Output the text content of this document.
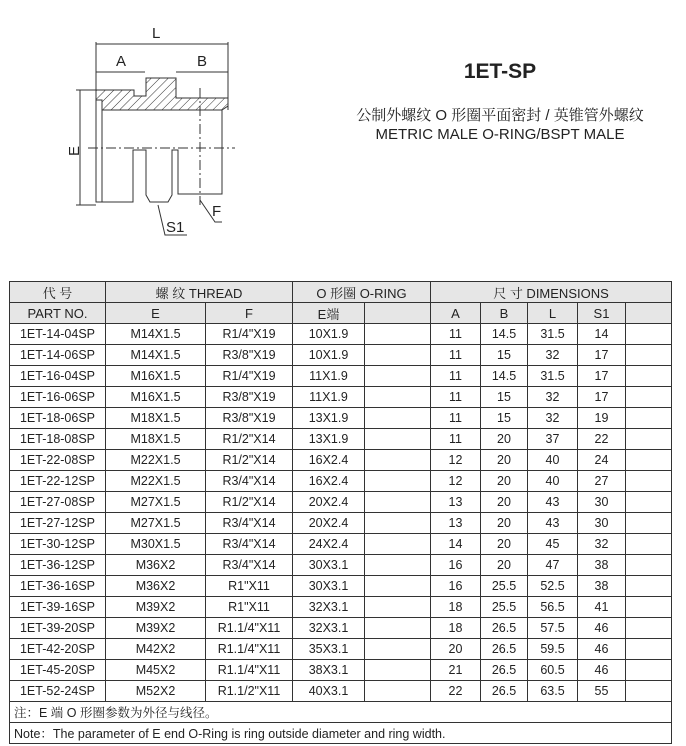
L
A	B
E
F
S1
1ET-SP
公制外螺纹 O 形圈平面密封 / 英锥管外螺纹
METRIC MALE O-RING/BSPT MALE
代 号	螺 纹 THREAD		O 形圈 O-RING		尺 寸 DIMENSIONS				
PART NO.	E	F	E端		A	B	L	S1	
1ET-14-04SP	M14X1.5	R1/4"X19	10X1.9		11	14.5	31.5	14	
1ET-14-06SP	M14X1.5	R3/8"X19	10X1.9		11	15	32	17	
1ET-16-04SP	M16X1.5	R1/4"X19	11X1.9		11	14.5	31.5	17	
1ET-16-06SP	M16X1.5	R3/8"X19	11X1.9		11	15	32	17	
1ET-18-06SP	M18X1.5	R3/8"X19	13X1.9		11	15	32	19	
1ET-18-08SP	M18X1.5	R1/2"X14	13X1.9		11	20	37	22	
1ET-22-08SP	M22X1.5	R1/2"X14	16X2.4		12	20	40	24	
1ET-22-12SP	M22X1.5	R3/4"X14	16X2.4		12	20	40	27	
1ET-27-08SP	M27X1.5	R1/2"X14	20X2.4		13	20	43	30	
1ET-27-12SP	M27X1.5	R3/4"X14	20X2.4		13	20	43	30	
1ET-30-12SP	M30X1.5	R3/4"X14	24X2.4		14	20	45	32	
1ET-36-12SP	M36X2	R3/4"X14	30X3.1		16	20	47	38	
1ET-36-16SP	M36X2	R1"X11	30X3.1		16	25.5	52.5	38	
1ET-39-16SP	M39X2	R1"X11	32X3.1		18	25.5	56.5	41	
1ET-39-20SP	M39X2	R1.1/4"X11	32X3.1		18	26.5	57.5	46	
1ET-42-20SP	M42X2	R1.1/4"X11	35X3.1		20	26.5	59.5	46	
1ET-45-20SP	M45X2	R1.1/4"X11	38X3.1		21	26.5	60.5	46	
1ET-52-24SP	M52X2	R1.1/2"X11	40X3.1		22	26.5	63.5	55	
注：E 端 O 形圈参数为外径与线径。									
Note：The parameter of E end O-Ring is ring outside diameter and ring width.									
